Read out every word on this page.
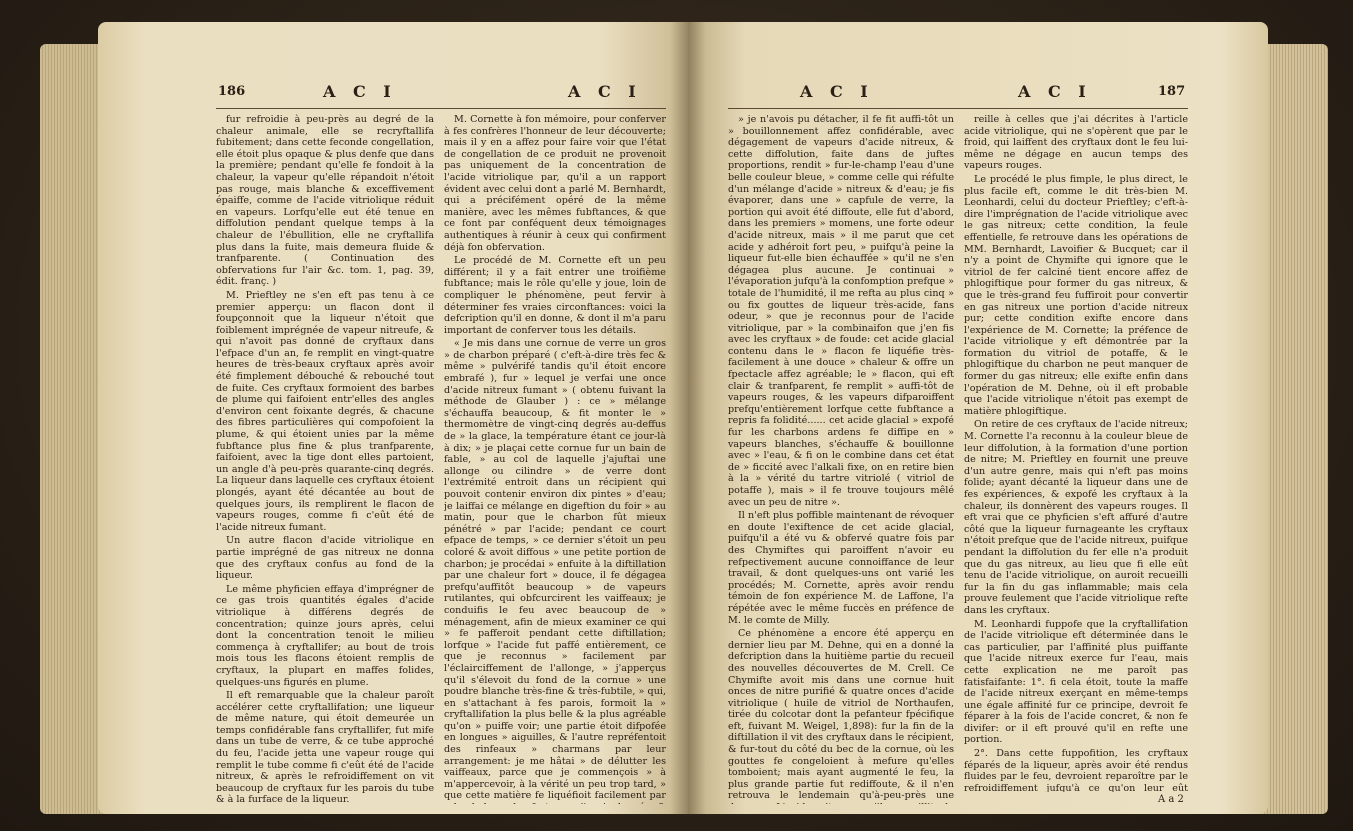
186	A C I	A C I

fur refroidie à peu-près au degré de la chaleur animale, elle se recryftallifa fubitement; dans cette feconde congellation, elle étoit plus opaque & plus denfe que dans la première; pendant qu'elle fe fondoit à la chaleur, la vapeur qu'elle répandoit n'étoit pas rouge, mais blanche & exceffivement épaiffe, comme de l'acide vitriolique réduit en vapeurs. Lorfqu'elle eut été tenue en diffolution pendant quelque temps à la chaleur de l'ébullition, elle ne cryftallifa plus dans la fuite, mais demeura fluide & tranfparente. ( Continuation des obfervations fur l'air &c. tom. 1, pag. 39, édit. franç. )

M. Prieftley ne s'en eft pas tenu à ce premier apperçu: un flacon dont il foupçonnoit que la liqueur n'étoit que foiblement imprégnée de vapeur nitreufe, & qui n'avoit pas donné de cryftaux dans l'efpace d'un an, fe remplit en vingt-quatre heures de très-beaux cryftaux après avoir été fimplement débouché & rebouché tout de fuite. Ces cryftaux formoient des barbes de plume qui faifoient entr'elles des angles d'environ cent foixante degrés, & chacune des fibres particulières qui compofoient la plume, & qui étoient unies par la même fubftance plus fine & plus tranfparente, faifoient, avec la tige dont elles partoient, un angle d'à peu-près quarante-cinq degrés. La liqueur dans laquelle ces cryftaux étoient plongés, ayant été décantée au bout de quelques jours, ils remplirent le flacon de vapeurs rouges, comme fi c'eût été de l'acide nitreux fumant.

Un autre flacon d'acide vitriolique en partie imprégné de gas nitreux ne donna que des cryftaux confus au fond de la liqueur.

Le même phyficien effaya d'imprégner de ce gas trois quantités égales d'acide vitriolique à différens degrés de concentration; quinze jours après, celui dont la concentration tenoit le milieu commença à cryftallifer; au bout de trois mois tous les flacons étoient remplis de cryftaux, la plupart en maffes folides, quelques-uns figurés en plume.

Il eft remarquable que la chaleur paroît accélérer cette cryftallifation; une liqueur de même nature, qui étoit demeurée un temps confidérable fans cryftallifer, fut mife dans un tube de verre, & ce tube approché du feu, l'acide jetta une vapeur rouge qui remplit le tube comme fi c'eût été de l'acide nitreux, & après le refroidiffement on vit beaucoup de cryftaux fur les parois du tube & à la furface de la liqueur.

M. Cornette à fon mémoire, pour conferver à fes confrères l'honneur de leur découverte; mais il y en a affez pour faire voir que l'état de congellation de ce produit ne provenoit pas uniquement de la concentration de l'acide vitriolique par, qu'il a un rapport évident avec celui dont a parlé M. Bernhardt, qui a précifément opéré de la même manière, avec les mêmes fubftances, & que ce font par conféquent deux témoignages authentiques à réunir à ceux qui confirment déjà fon obfervation.

Le procédé de M. Cornette eft un peu différent; il y a fait entrer une troifième fubftance; mais le rôle qu'elle y joue, loin de compliquer le phénomène, peut fervir à déterminer fes vraies circonftances: voici la defcription qu'il en donne, & dont il m'a paru important de conferver tous les détails.

« Je mis dans une cornue de verre un gros » de charbon préparé ( c'eft-à-dire très fec & même » pulvérifé tandis qu'il étoit encore embrafé ), fur » lequel je verfai une once d'acide nitreux fumant » ( obtenu fuivant la méthode de Glauber ) : ce » mélange s'échauffa beaucoup, & fit monter le » thermomètre de vingt-cinq degrés au-deffus de » la glace, la température étant ce jour-là à dix; » je plaçai cette cornue fur un bain de fable, » au col de laquelle j'ajuftai une allonge ou cilindre » de verre dont l'extrémité entroit dans un récipient qui pouvoit contenir environ dix pintes » d'eau; je laiffai ce mélange en digeftion du foir » au matin, pour que le charbon fût mieux pénétré » par l'acide; pendant ce court efpace de temps, » ce dernier s'étoit un peu coloré & avoit diffous » une petite portion de charbon; je procédai » enfuite à la diftillation par une chaleur fort » douce, il fe dégagea prefqu'auffitôt beaucoup » de vapeurs rutilantes, qui obfcurcirent les vaiffeaux; je conduifis le feu avec beaucoup de » ménagement, afin de mieux examiner ce qui » fe pafferoit pendant cette diftillation; lorfque » l'acide fut paffé entièrement, ce que je reconnus » facilement par l'éclairciffement de l'allonge, » j'apperçus qu'il s'élevoit du fond de la cornue » une poudre blanche très-fine & très-fubtile, » qui, en s'attachant à fes parois, formoit la » cryftallifation la plus belle & la plus agréable qu'on » puiffe voir; une partie étoit difpofée en longues » aiguilles, & l'autre repréfentoit des rinfeaux » charmans par leur arrangement: je me hâtai » de délutter les vaiffeaux, parce que je commençois » à m'appercevoir, à la vérité un peu trop tard, » que cette matière fe liquéfioit facilement par

A C I	A C I	187

» je n'avois pu détacher, il fe fit auffi-tôt un » bouillonnement affez confidérable, avec dégagement de vapeurs d'acide nitreux, & cette diffolution, faite dans de juftes proportions, rendit » fur-le-champ l'eau d'une belle couleur bleue, » comme celle qui réfulte d'un mélange d'acide » nitreux & d'eau; je fis évaporer, dans une » capfule de verre, la portion qui avoit été diffoute, elle fut d'abord, dans les premiers » momens, une forte odeur d'acide nitreux, mais » il me parut que cet acide y adhéroit fort peu, » puifqu'à peine la liqueur fut-elle bien échauffée » qu'il ne s'en dégagea plus aucune. Je continuai » l'évaporation jufqu'à la confomption prefque » totale de l'humidité, il me refta au plus cinq » ou fix gouttes de liqueur très-acide, fans odeur, » que je reconnus pour de l'acide vitriolique, par » la combinaifon que j'en fis avec les cryftaux » de foude: cet acide glacial contenu dans le » flacon fe liquéfie très-facilement à une douce » chaleur & offre un fpectacle affez agréable; le » flacon, qui eft clair & tranfparent, fe remplit » auffi-tôt de vapeurs rouges, & les vapeurs difparoiffent prefqu'entièrement lorfque cette fubftance a repris fa folidité...... cet acide glacial » expofé fur les charbons ardens fe diffipe en » vapeurs blanches, s'échauffe & bouillonne avec » l'eau, & fi on le combine dans cet état de » ficcité avec l'alkali fixe, on en retire bien à la » vérité du tartre vitriolé ( vitriol de potaffe ), mais » il fe trouve toujours mêlé avec un peu de nitre ».

Il n'eft plus poffible maintenant de révoquer en doute l'exiftence de cet acide glacial, puifqu'il a été vu & obfervé quatre fois par des Chymiftes qui paroiffent n'avoir eu refpectivement aucune connoiffance de leur travail, & dont quelques-uns ont varié les procédés; M. Cornette, après avoir rendu témoin de fon expérience M. de Laffone, l'a répétée avec le même fuccès en préfence de M. le comte de Milly.

Ce phénomène a encore été apperçu en dernier lieu par M. Dehne, qui en a donné la defcription dans la huitième partie du recueil des nouvelles découvertes de M. Crell. Ce Chymifte avoit mis dans une cornue huit onces de nitre purifié & quatre onces d'acide vitriolique ( huile de vitriol de Northaufen, tirée du colcotar dont la pefanteur fpécifique eft, fuivant M. Weigel, 1,898): fur la fin de la diftillation il vit des cryftaux dans le récipient, & fur-tout du côté du bec de la cornue, où les gouttes fe congeloient à mefure qu'elles tomboient; mais ayant augmenté le feu, la plus grande partie fut rediffoute, & il n'en retrouva le lendemain qu'à-peu-près une

reille à celles que j'ai décrites à l'article acide vitriolique, qui ne s'opèrent que par le froid, qui laiffent des cryftaux dont le feu lui-même ne dégage en aucun temps des vapeurs rouges.

Le procédé le plus fimple, le plus direct, le plus facile eft, comme le dit très-bien M. Leonhardi, celui du docteur Prieftley; c'eft-à-dire l'imprégnation de l'acide vitriolique avec le gas nitreux; cette condition, la feule effentielle, fe retrouve dans les opérations de MM. Bernhardt, Lavoifier & Bucquet; car il n'y a point de Chymifte qui ignore que le vitriol de fer calciné tient encore affez de phlogiftique pour former du gas nitreux, & que le très-grand feu fuffiroit pour convertir en gas nitreux une portion d'acide nitreux pur; cette condition exifte encore dans l'expérience de M. Cornette; la préfence de l'acide vitriolique y eft démontrée par la formation du vitriol de potaffe, & le phlogiftique du charbon ne peut manquer de former du gas nitreux; elle exifte enfin dans l'opération de M. Dehne, où il eft probable que l'acide vitriolique n'étoit pas exempt de matière phlogiftique.

On retire de ces cryftaux de l'acide nitreux; M. Cornette l'a reconnu à la couleur bleue de leur diffolution, à la formation d'une portion de nitre; M. Prieftley en fournit une preuve d'un autre genre, mais qui n'eft pas moins folide; ayant décanté la liqueur dans une de fes expériences, & expofé les cryftaux à la chaleur, ils donnèrent des vapeurs rouges. Il eft vrai que ce phyficien s'eft affuré d'autre côté que la liqueur furnageante les cryftaux n'étoit prefque que de l'acide nitreux, puifque pendant la diffolution du fer elle n'a produit que du gas nitreux, au lieu que fi elle eût tenu de l'acide vitriolique, on auroit recueilli fur la fin du gas inflammable; mais cela prouve feulement que l'acide vitriolique refte dans les cryftaux.

M. Leonhardi fuppofe que la cryftallifation de l'acide vitriolique eft déterminée dans le cas particulier, par l'affinité plus puiffante que l'acide nitreux exerce fur l'eau, mais cette explication ne me paroît pas fatisfaifante: 1°. fi cela étoit, toute la maffe de l'acide nitreux exerçant en même-temps une égale affinité fur ce principe, devroit fe féparer à la fois de l'acide concret, & non fe divifer: or il eft prouvé qu'il en refte une portion.

2°. Dans cette fuppofition, les cryftaux féparés de la liqueur, après avoir été rendus fluides par le feu, devroient reparoître par le refroidiffement jufqu'à ce qu'on leur eût

A a 2
